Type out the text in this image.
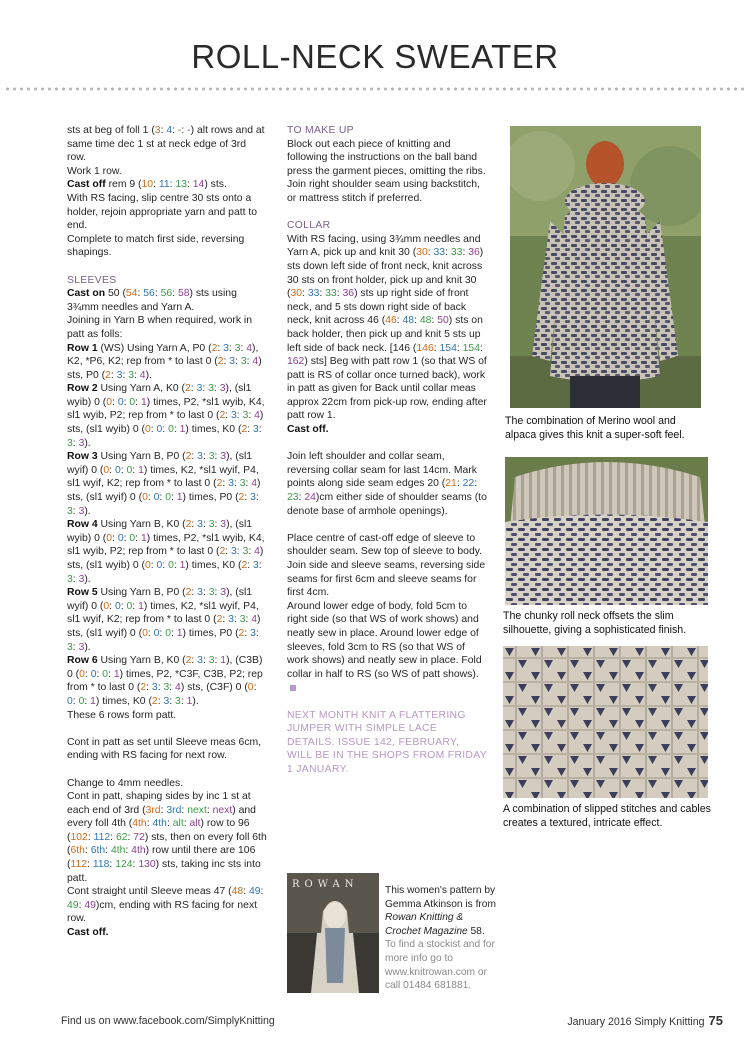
ROLL-NECK SWEATER

sts at beg of foll 1 (3: 4: -: -) alt rows and at same time dec 1 st at neck edge of 3rd row.

Work 1 row.

Cast off rem 9 (10: 11: 13: 14) sts.

With RS facing, slip centre 30 sts onto a holder, rejoin appropriate yarn and patt to end.

Complete to match first side, reversing shapings.

SLEEVES

Cast on 50 (54: 56: 56: 58) sts using 3¾mm needles and Yarn A.

Joining in Yarn B when required, work in patt as folls:

Row 1 (WS) Using Yarn A, P0 (2: 3: 3: 4), K2, *P6, K2; rep from * to last 0 (2: 3: 3: 4) sts, P0 (2: 3: 3: 4).

Row 2 Using Yarn A, K0 (2: 3: 3: 3), (sl1 wyib) 0 (0: 0: 0: 1) times, P2, *sl1 wyib, K4, sl1 wyib, P2; rep from * to last 0 (2: 3: 3: 4) sts, (sl1 wyib) 0 (0: 0: 0: 1) times, K0 (2: 3: 3: 3).

Row 3 Using Yarn B, P0 (2: 3: 3: 3), (sl1 wyif) 0 (0: 0: 0: 1) times, K2, *sl1 wyif, P4, sl1 wyif, K2; rep from * to last 0 (2: 3: 3: 4) sts, (sl1 wyif) 0 (0: 0: 0: 1) times, P0 (2: 3: 3: 3).

Row 4 Using Yarn B, K0 (2: 3: 3: 3), (sl1 wyib) 0 (0: 0: 0: 1) times, P2, *sl1 wyib, K4, sl1 wyib, P2; rep from * to last 0 (2: 3: 3: 4) sts, (sl1 wyib) 0 (0: 0: 0: 1) times, K0 (2: 3: 3: 3).

Row 5 Using Yarn B, P0 (2: 3: 3: 3), (sl1 wyif) 0 (0: 0: 0: 1) times, K2, *sl1 wyif, P4, sl1 wyif, K2; rep from * to last 0 (2: 3: 3: 4) sts, (sl1 wyif) 0 (0: 0: 0: 1) times, P0 (2: 3: 3: 3).

Row 6 Using Yarn B, K0 (2: 3: 3: 1), (C3B) 0 (0: 0: 0: 1) times, P2, *C3F, C3B, P2; rep from * to last 0 (2: 3: 3: 4) sts, (C3F) 0 (0: 0: 0: 1) times, K0 (2: 3: 3: 1).

These 6 rows form patt.

Cont in patt as set until Sleeve meas 6cm, ending with RS facing for next row.

Change to 4mm needles.

Cont in patt, shaping sides by inc 1 st at each end of 3rd (3rd: 3rd: next: next) and every foll 4th (4th: 4th: alt: alt) row to 96 (102: 112: 62: 72) sts, then on every foll 6th (6th: 6th: 4th: 4th) row until there are 106 (112: 118: 124: 130) sts, taking inc sts into patt.

Cont straight until Sleeve meas 47 (48: 49: 49: 49)cm, ending with RS facing for next row.

Cast off.

TO MAKE UP

Block out each piece of knitting and following the instructions on the ball band press the garment pieces, omitting the ribs. Join right shoulder seam using backstitch, or mattress stitch if preferred.

COLLAR

With RS facing, using 3¾mm needles and Yarn A, pick up and knit 30 (30: 33: 33: 36) sts down left side of front neck, knit across 30 sts on front holder, pick up and knit 30 (30: 33: 33: 36) sts up right side of front neck, and 5 sts down right side of back neck, knit across 46 (46: 48: 48: 50) sts on back holder, then pick up and knit 5 sts up left side of back neck. [146 (146: 154: 154: 162) sts] Beg with patt row 1 (so that WS of patt is RS of collar once turned back), work in patt as given for Back until collar meas approx 22cm from pick-up row, ending after patt row 1.

Cast off.

Join left shoulder and collar seam, reversing collar seam for last 14cm. Mark points along side seam edges 20 (21: 22: 23: 24)cm either side of shoulder seams (to denote base of armhole openings).

Place centre of cast-off edge of sleeve to shoulder seam. Sew top of sleeve to body. Join side and sleeve seams, reversing side seams for first 6cm and sleeve seams for first 4cm.

Around lower edge of body, fold 5cm to right side (so that WS of work shows) and neatly sew in place. Around lower edge of sleeves, fold 3cm to RS (so that WS of work shows) and neatly sew in place. Fold collar in half to RS (so WS of patt shows).

NEXT MONTH KNIT A FLATTERING JUMPER WITH SIMPLE LACE DETAILS. ISSUE 142, FEBRUARY, WILL BE IN THE SHOPS FROM FRIDAY 1 JANUARY.

The combination of Merino wool and alpaca gives this knit a super-soft feel.
The chunky roll neck offsets the slim silhouette, giving a sophisticated finish.
A combination of slipped stitches and cables creates a textured, intricate effect.
ROWAN
This women's pattern by Gemma Atkinson is from Rowan Knitting & Crochet Magazine 58.
To find a stockist and for more info go to www.knitrowan.com or call 01484 681881.
Find us on www.facebook.com/SimplyKnitting	January 2016 Simply Knitting 75
